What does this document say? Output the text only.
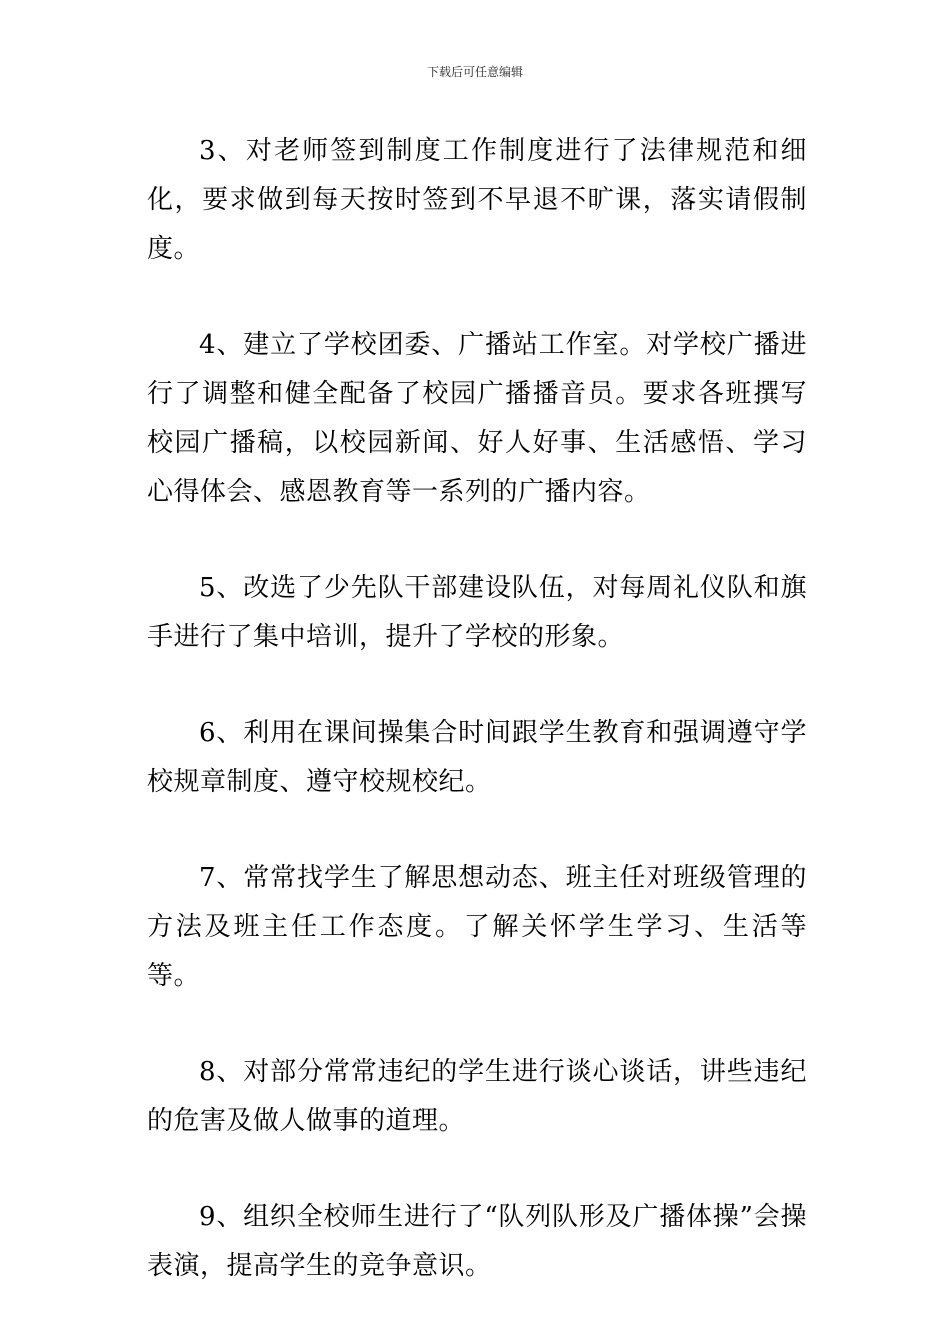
下载后可任意编辑

3、对老师签到制度工作制度进行了法律规范和细化，要求做到每天按时签到不早退不旷课，落实请假制度。

4、建立了学校团委、广播站工作室。对学校广播进行了调整和健全配备了校园广播播音员。要求各班撰写校园广播稿，以校园新闻、好人好事、生活感悟、学习心得体会、感恩教育等一系列的广播内容。

5、改选了少先队干部建设队伍，对每周礼仪队和旗手进行了集中培训，提升了学校的形象。

6、利用在课间操集合时间跟学生教育和强调遵守学校规章制度、遵守校规校纪。

7、常常找学生了解思想动态、班主任对班级管理的方法及班主任工作态度。了解关怀学生学习、生活等等。

8、对部分常常违纪的学生进行谈心谈话，讲些违纪的危害及做人做事的道理。

9、组织全校师生进行了“队列队形及广播体操”会操表演，提高学生的竞争意识。
